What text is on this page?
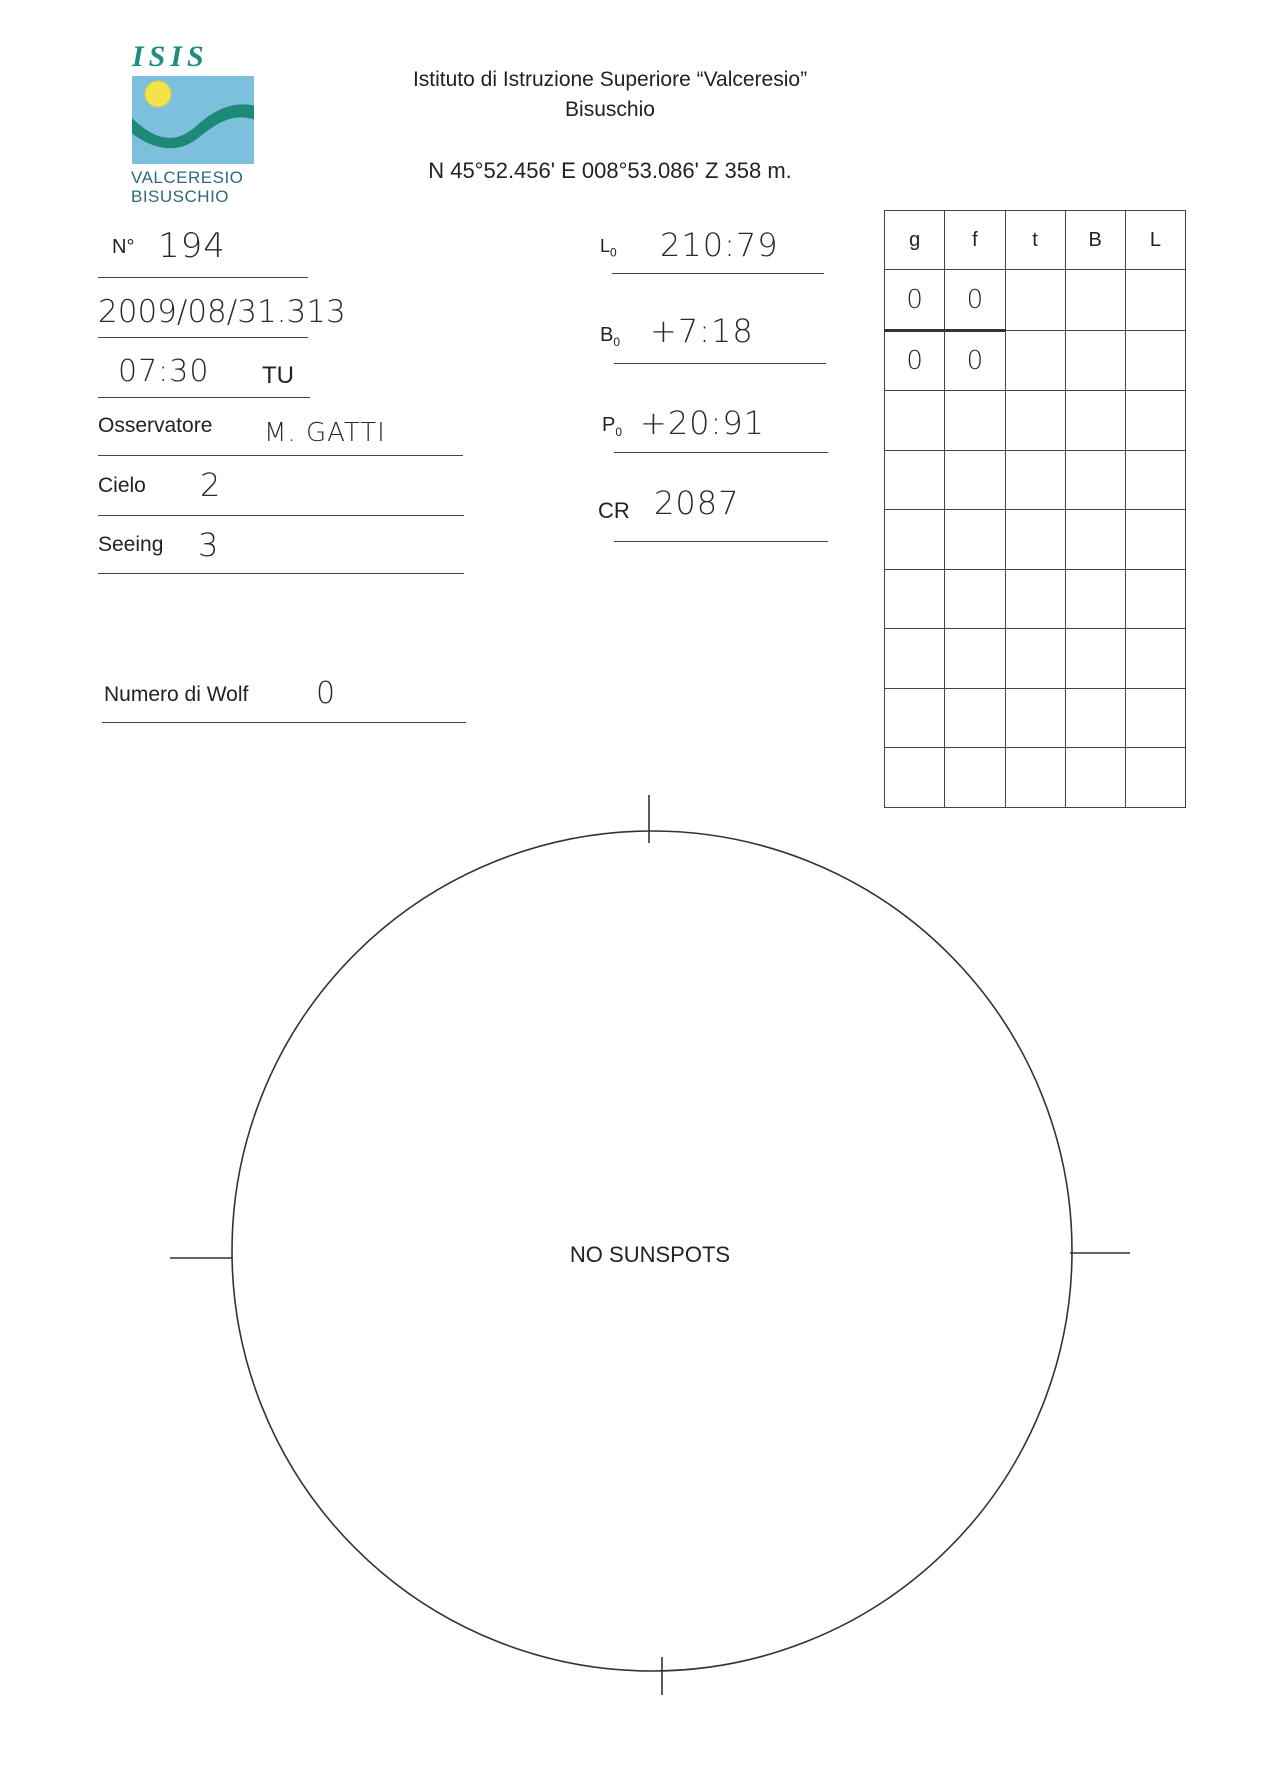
ISIS
VALCERESIO
BISUSCHIO
Istituto di Istruzione Superiore “Valceresio”
Bisuschio
N 45°52.456' E 008°53.086' Z 358 m.
N° 194
2009/08/31.313
07:30 TU
Osservatore M. GATTI
Cielo 2
Seeing 3
Numero di Wolf 0
$L_0$ 210:79
$B_0$ +7:18
$P_0$ +20:91
CR 2087
g	f	t	B	L
0	0			
0	0			

NO SUNSPOTS
